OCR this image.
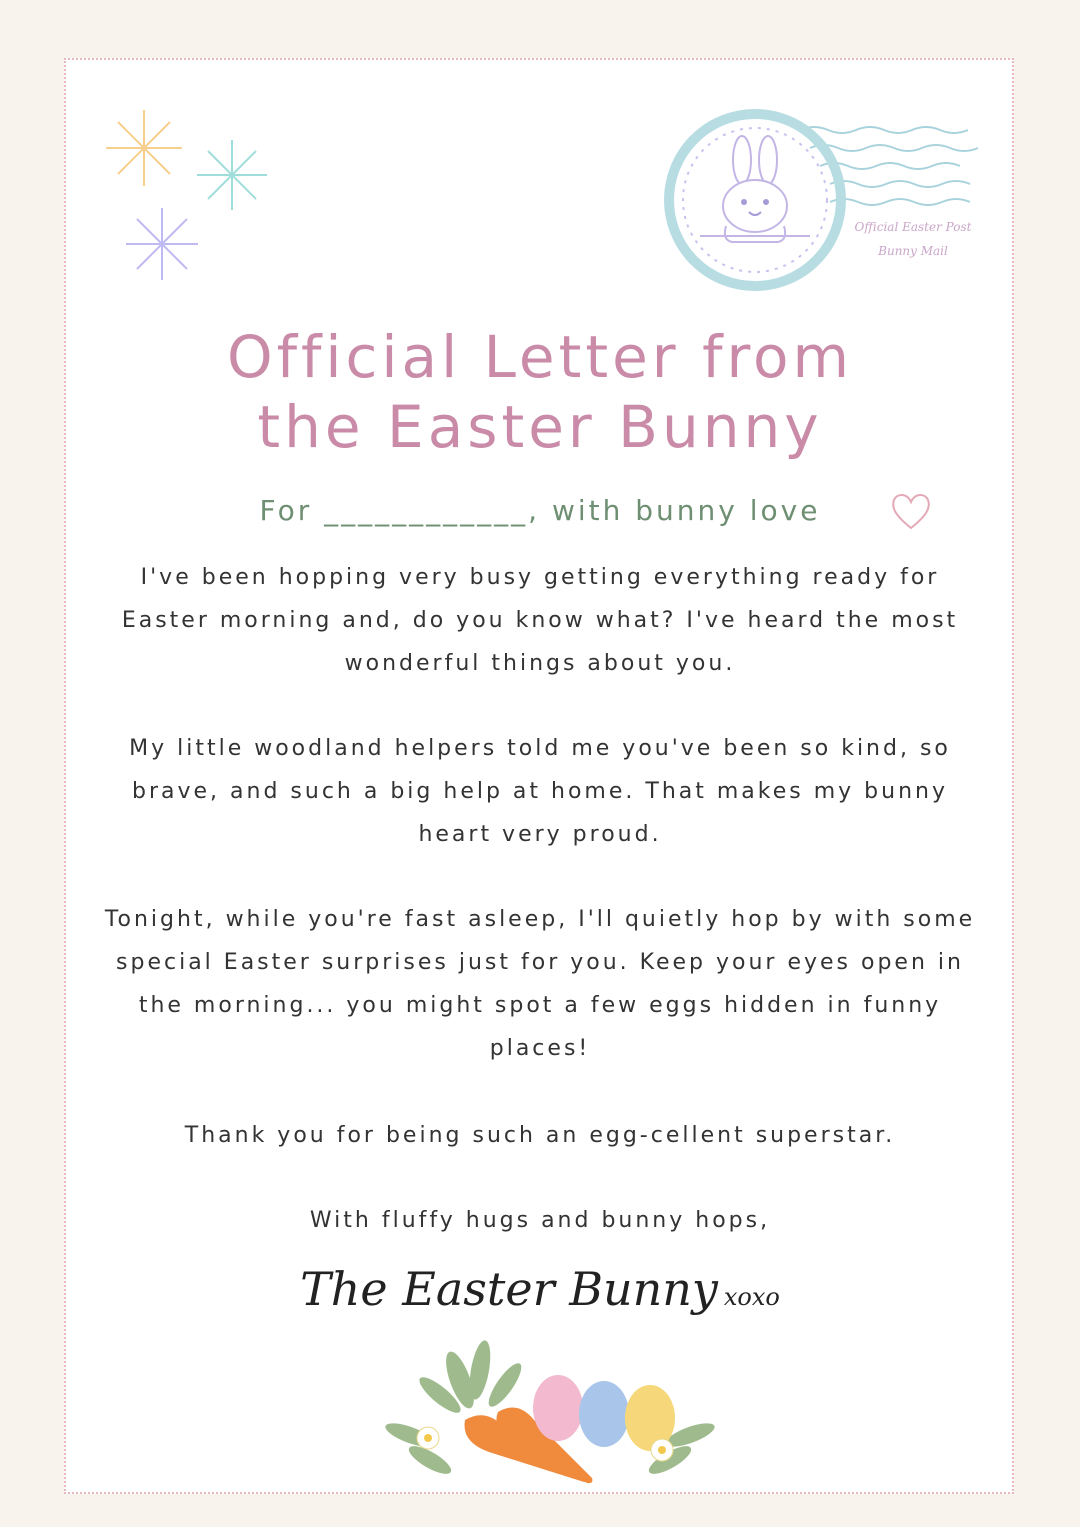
Official Easter Post
Bunny Mail
Official Letter from
the Easter Bunny
For ____________, with bunny love

I've been hopping very busy getting everything ready for Easter morning and, do you know what? I've heard the most wonderful things about you.

My little woodland helpers told me you've been so kind, so brave, and such a big help at home. That makes my bunny heart very proud.

Tonight, while you're fast asleep, I'll quietly hop by with some special Easter surprises just for you. Keep your eyes open in the morning... you might spot a few eggs hidden in funny places!

Thank you for being such an egg-cellent superstar.

With fluffy hugs and bunny hops,

The Easter Bunny xoxo
